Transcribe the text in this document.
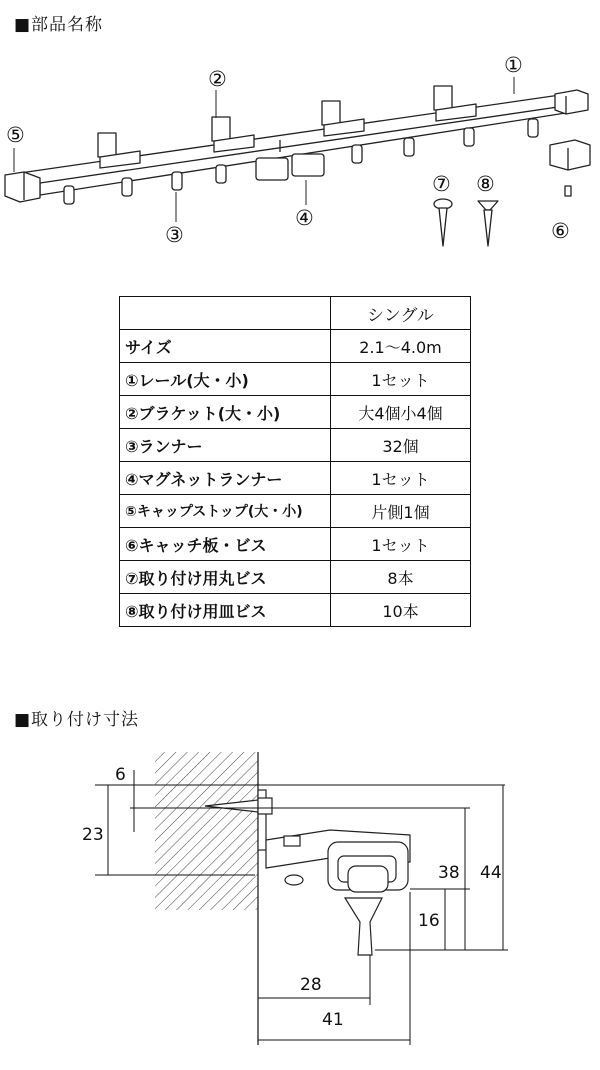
■部品名称
①
②
③
④
⑤
⑥
⑦ ⑧
	シングル
サイズ	2.1～4.0m
①レール(大・小)	1セット
②ブラケット(大・小)	大4個小4個
③ランナー	32個
④マグネットランナー	1セット
⑤キャップストップ(大・小)	片側1個
⑥キャッチ板・ビス	1セット
⑦取り付け用丸ビス	8本
⑧取り付け用皿ビス	10本
■取り付け寸法
6
23
38 44
16
28
41
